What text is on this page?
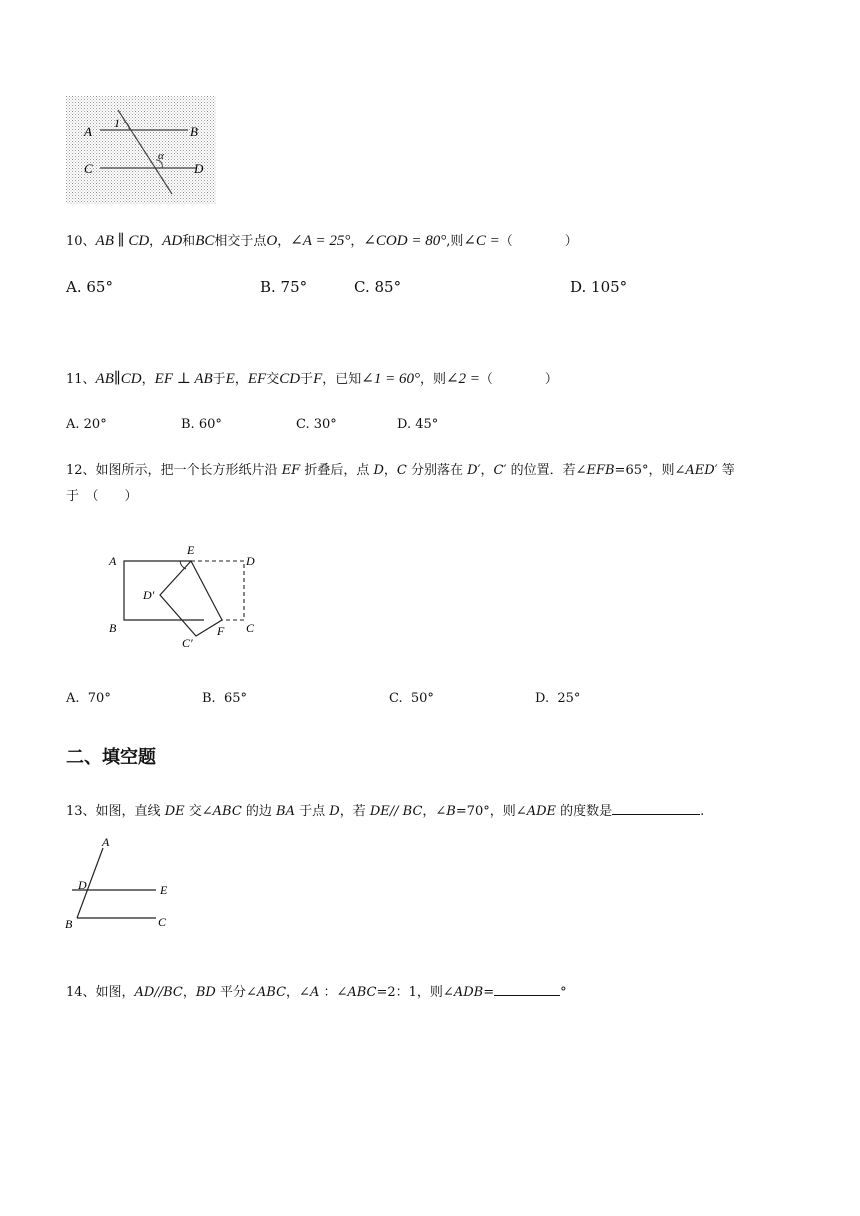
1
A	B
C	D
α
10、AB ∥ CD，AD和BC相交于点O，∠A = 25°，∠COD = 80°,则∠C =（　　　　）
A. 65°	B. 75°	C. 85°	D. 105°
11、AB∥CD，EF ⊥ AB于E，EF交CD于F，已知∠1 = 60°，则∠2 =（　　　　）
A. 20°	B. 60°	C. 30°	D. 45°
12、如图所示，把一个长方形纸片沿 EF 折叠后，点 D，C 分别落在 D′，C′ 的位置．若∠EFB=65°，则∠AED′ 等
于　（　　）
A
E
D
D′
B
C′
F C
A.  70°	B.  65°	C.  50°	D.  25°
二、填空题
13、如图，直线 DE 交∠ABC 的边 BA 于点 D，若 DE// BC，∠B=70°，则∠ADE 的度数是	.
A
D	E
B	C
14、如图，AD//BC，BD 平分∠ABC，∠A ：∠ABC=2：1，则∠ADB=	°
